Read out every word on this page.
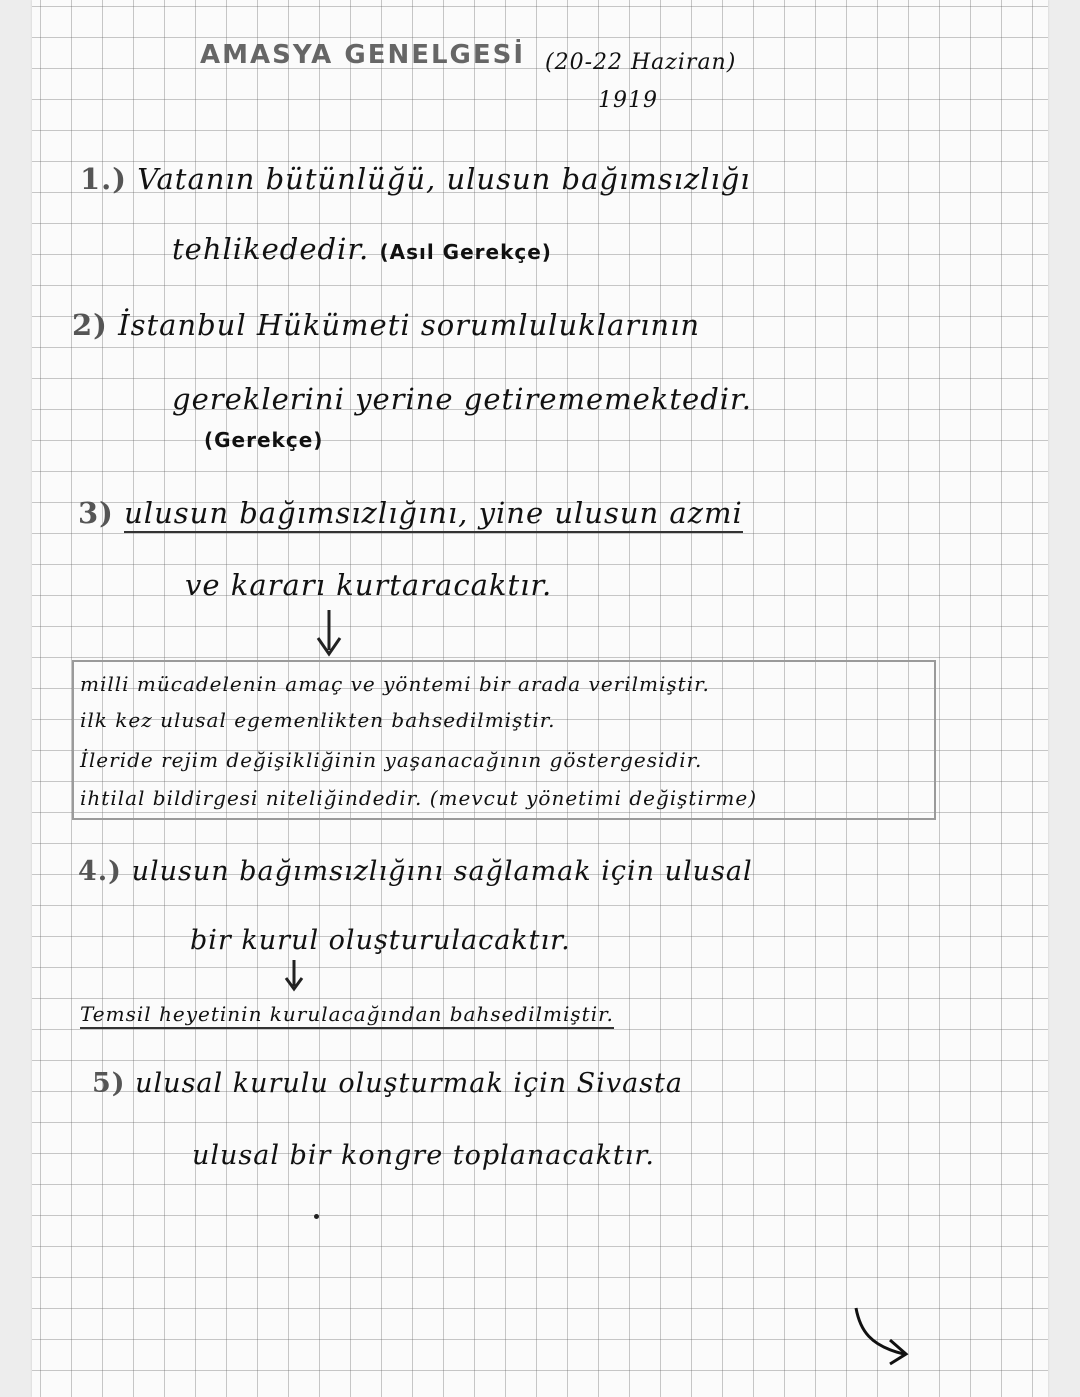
AMASYA GENELGESİ (20-22 Haziran)
1919
1.) Vatanın bütünlüğü, ulusun bağımsızlığı
tehlikededir. (Asıl Gerekçe)
2) İstanbul Hükümeti sorumluluklarının
gereklerini yerine getirememektedir.
(Gerekçe)
3) ulusun bağımsızlığını, yine ulusun azmi
ve kararı kurtaracaktır.
milli mücadelenin amaç ve yöntemi bir arada verilmiştir.
ilk kez ulusal egemenlikten bahsedilmiştir.
İleride rejim değişikliğinin yaşanacağının göstergesidir.
ihtilal bildirgesi niteliğindedir. (mevcut yönetimi değiştirme)
4.) ulusun bağımsızlığını sağlamak için ulusal
bir kurul oluşturulacaktır.
Temsil heyetinin kurulacağından bahsedilmiştir.
5) ulusal kurulu oluşturmak için Sivasta
ulusal bir kongre toplanacaktır.
